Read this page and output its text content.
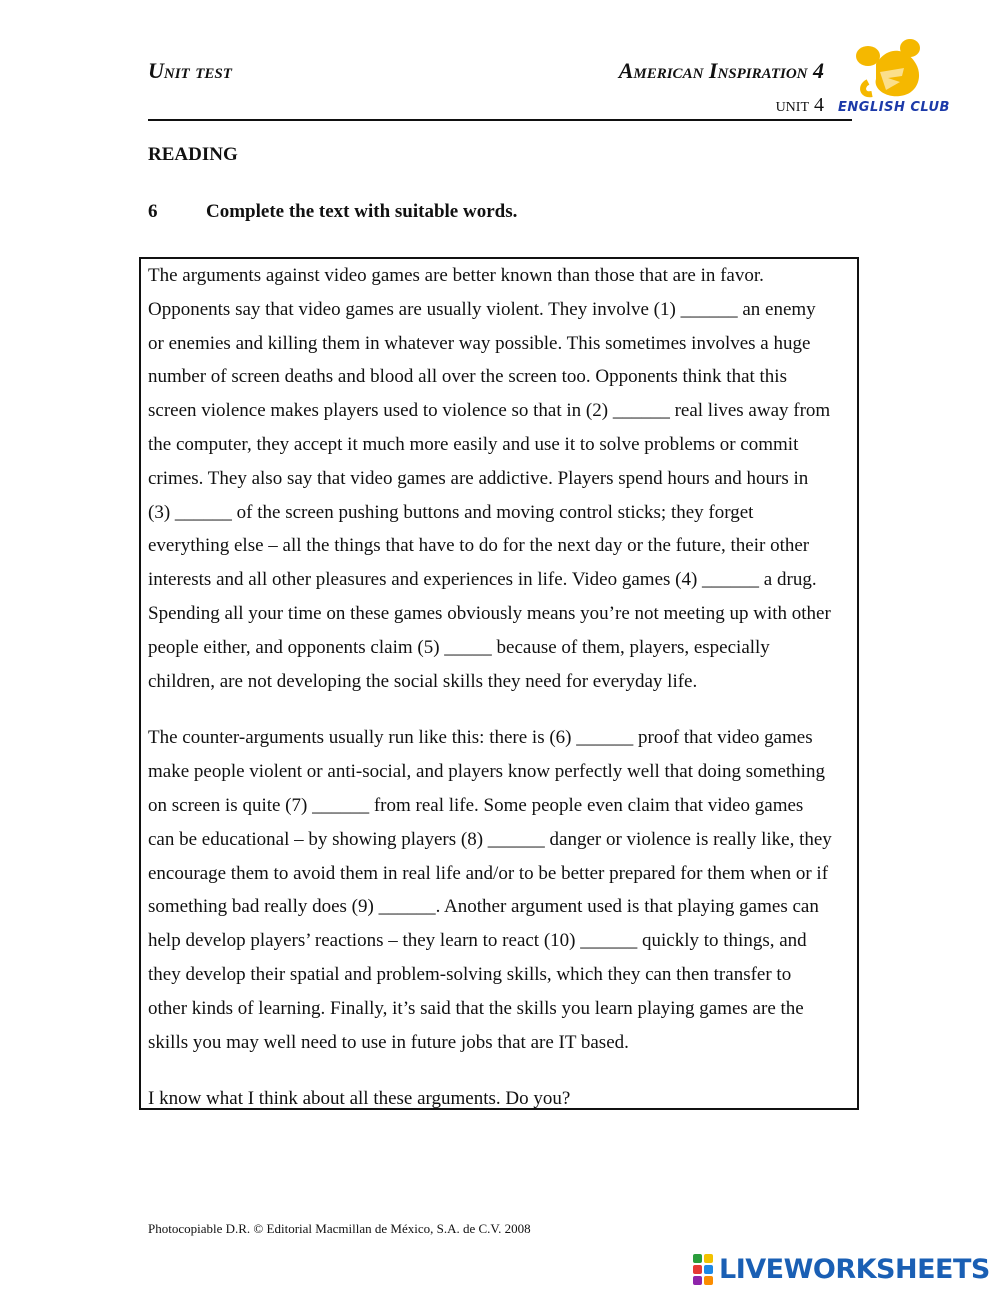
Unit test	American Inspiration 4
unit 4 ENGLISH CLUB
READING
6	Complete the text with suitable words.
The arguments against video games are better known than those that are in favor.
Opponents say that video games are usually violent. They involve (1) ______ an enemy
or enemies and killing them in whatever way possible. This sometimes involves a huge
number of screen deaths and blood all over the screen too. Opponents think that this
screen violence makes players used to violence so that in (2) ______ real lives away from
the computer, they accept it much more easily and use it to solve problems or commit
crimes. They also say that video games are addictive. Players spend hours and hours in
(3) ______ of the screen pushing buttons and moving control sticks; they forget
everything else – all the things that have to do for the next day or the future, their other
interests and all other pleasures and experiences in life. Video games (4) ______ a drug.
Spending all your time on these games obviously means you’re not meeting up with other
people either, and opponents claim (5) _____ because of them, players, especially
children, are not developing the social skills they need for everyday life.
The counter-arguments usually run like this: there is (6) ______ proof that video games
make people violent or anti-social, and players know perfectly well that doing something
on screen is quite (7) ______ from real life. Some people even claim that video games
can be educational – by showing players (8) ______ danger or violence is really like, they
encourage them to avoid them in real life and/or to be better prepared for them when or if
something bad really does (9) ______. Another argument used is that playing games can
help develop players’ reactions – they learn to react (10) ______ quickly to things, and
they develop their spatial and problem-solving skills, which they can then transfer to
other kinds of learning. Finally, it’s said that the skills you learn playing games are the
skills you may well need to use in future jobs that are IT based.
I know what I think about all these arguments. Do you?
Photocopiable D.R. © Editorial Macmillan de México, S.A. de C.V. 2008
LIVEWORKSHEETS
